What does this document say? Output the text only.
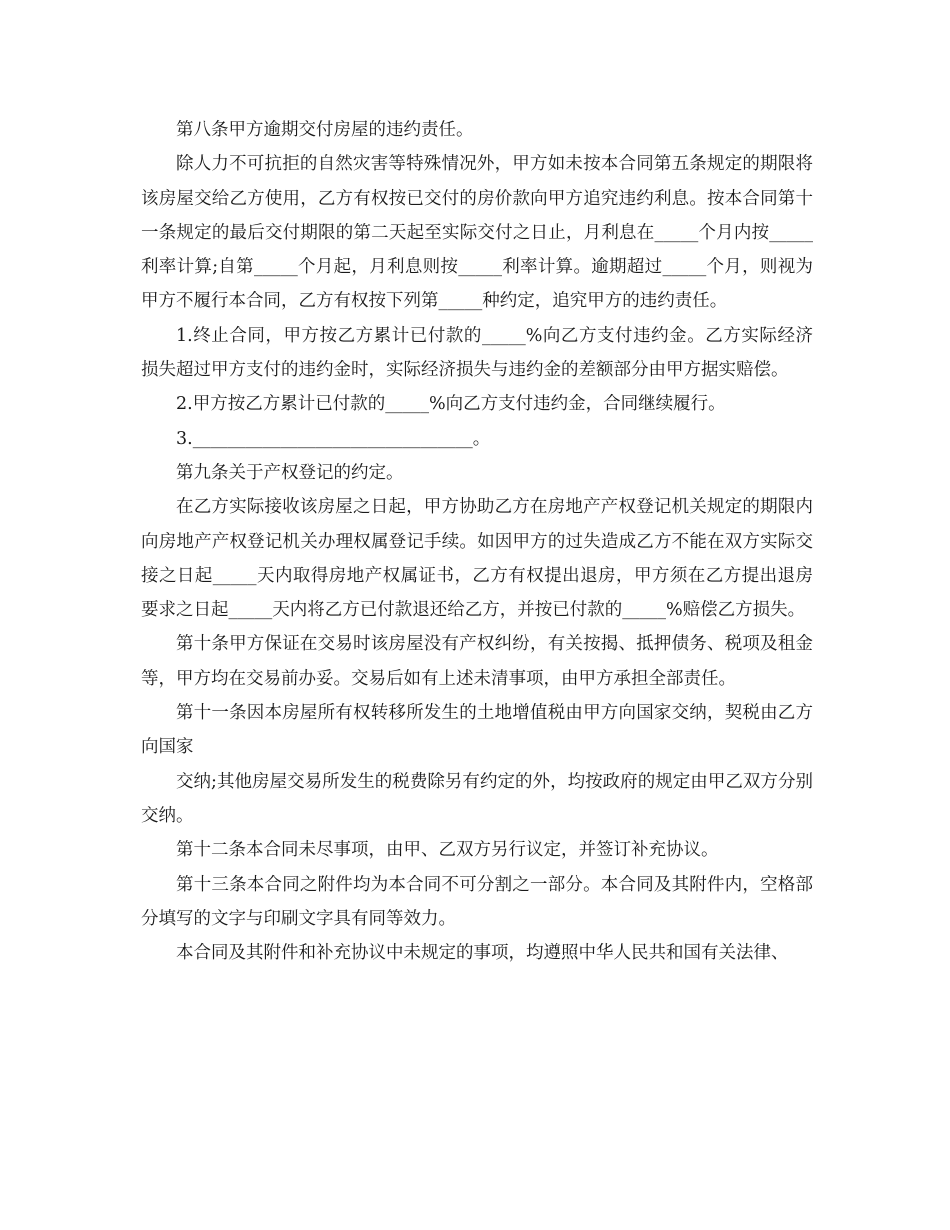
第八条甲方逾期交付房屋的违约责任。

除人力不可抗拒的自然灾害等特殊情况外，甲方如未按本合同第五条规定的期限将该房屋交给乙方使用，乙方有权按已交付的房价款向甲方追究违约利息。按本合同第十一条规定的最后交付期限的第二天起至实际交付之日止，月利息在_____个月内按_____利率计算;自第_____个月起，月利息则按_____利率计算。逾期超过_____个月，则视为甲方不履行本合同，乙方有权按下列第_____种约定，追究甲方的违约责任。

1.终止合同，甲方按乙方累计已付款的_____%向乙方支付违约金。乙方实际经济损失超过甲方支付的违约金时，实际经济损失与违约金的差额部分由甲方据实赔偿。

2.甲方按乙方累计已付款的_____%向乙方支付违约金，合同继续履行。

3.________________________________。

第九条关于产权登记的约定。

在乙方实际接收该房屋之日起，甲方协助乙方在房地产产权登记机关规定的期限内向房地产产权登记机关办理权属登记手续。如因甲方的过失造成乙方不能在双方实际交接之日起_____天内取得房地产权属证书，乙方有权提出退房，甲方须在乙方提出退房要求之日起_____天内将乙方已付款退还给乙方，并按已付款的_____%赔偿乙方损失。

第十条甲方保证在交易时该房屋没有产权纠纷，有关按揭、抵押债务、税项及租金等，甲方均在交易前办妥。交易后如有上述未清事项，由甲方承担全部责任。

第十一条因本房屋所有权转移所发生的土地增值税由甲方向国家交纳，契税由乙方向国家

交纳;其他房屋交易所发生的税费除另有约定的外，均按政府的规定由甲乙双方分别交纳。

第十二条本合同未尽事项，由甲、乙双方另行议定，并签订补充协议。

第十三条本合同之附件均为本合同不可分割之一部分。本合同及其附件内，空格部分填写的文字与印刷文字具有同等效力。

本合同及其附件和补充协议中未规定的事项，均遵照中华人民共和国有关法律、
